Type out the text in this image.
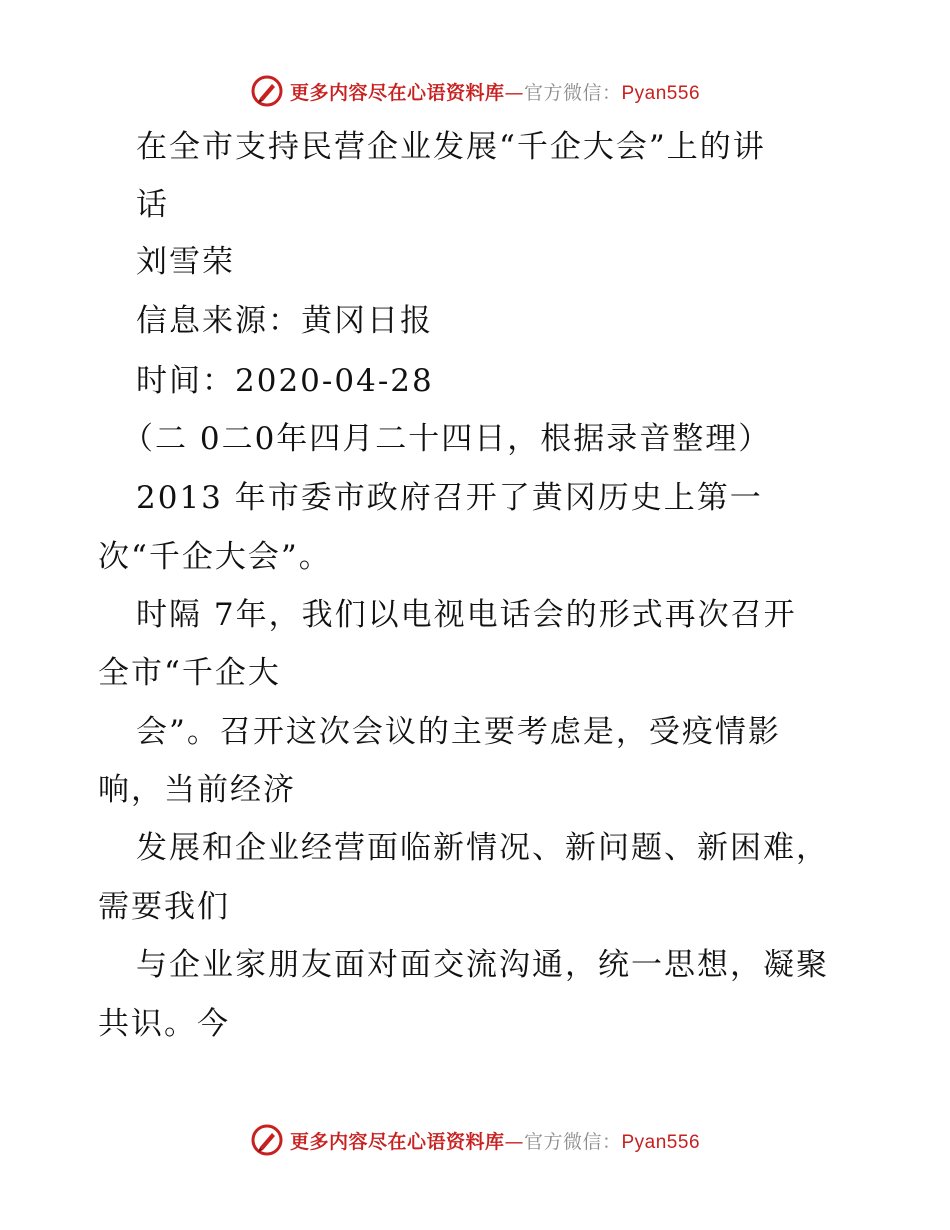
更多内容尽在心语资料库—官方微信：Pyan556
在全市支持民营企业发展“千企大会”上的讲
话
刘雪荣
信息来源：黄冈日报
时间：2020-04-28
（二 0二0年四月二十四日，根据录音整理）
2013 年市委市政府召开了黄冈历史上第一
次“千企大会”。
时隔 7年，我们以电视电话会的形式再次召开
全市“千企大
会”。召开这次会议的主要考虑是，受疫情影
响，当前经济
发展和企业经营面临新情况、新问题、新困难，
需要我们
与企业家朋友面对面交流沟通，统一思想，凝聚
共识。今
更多内容尽在心语资料库—官方微信：Pyan556
